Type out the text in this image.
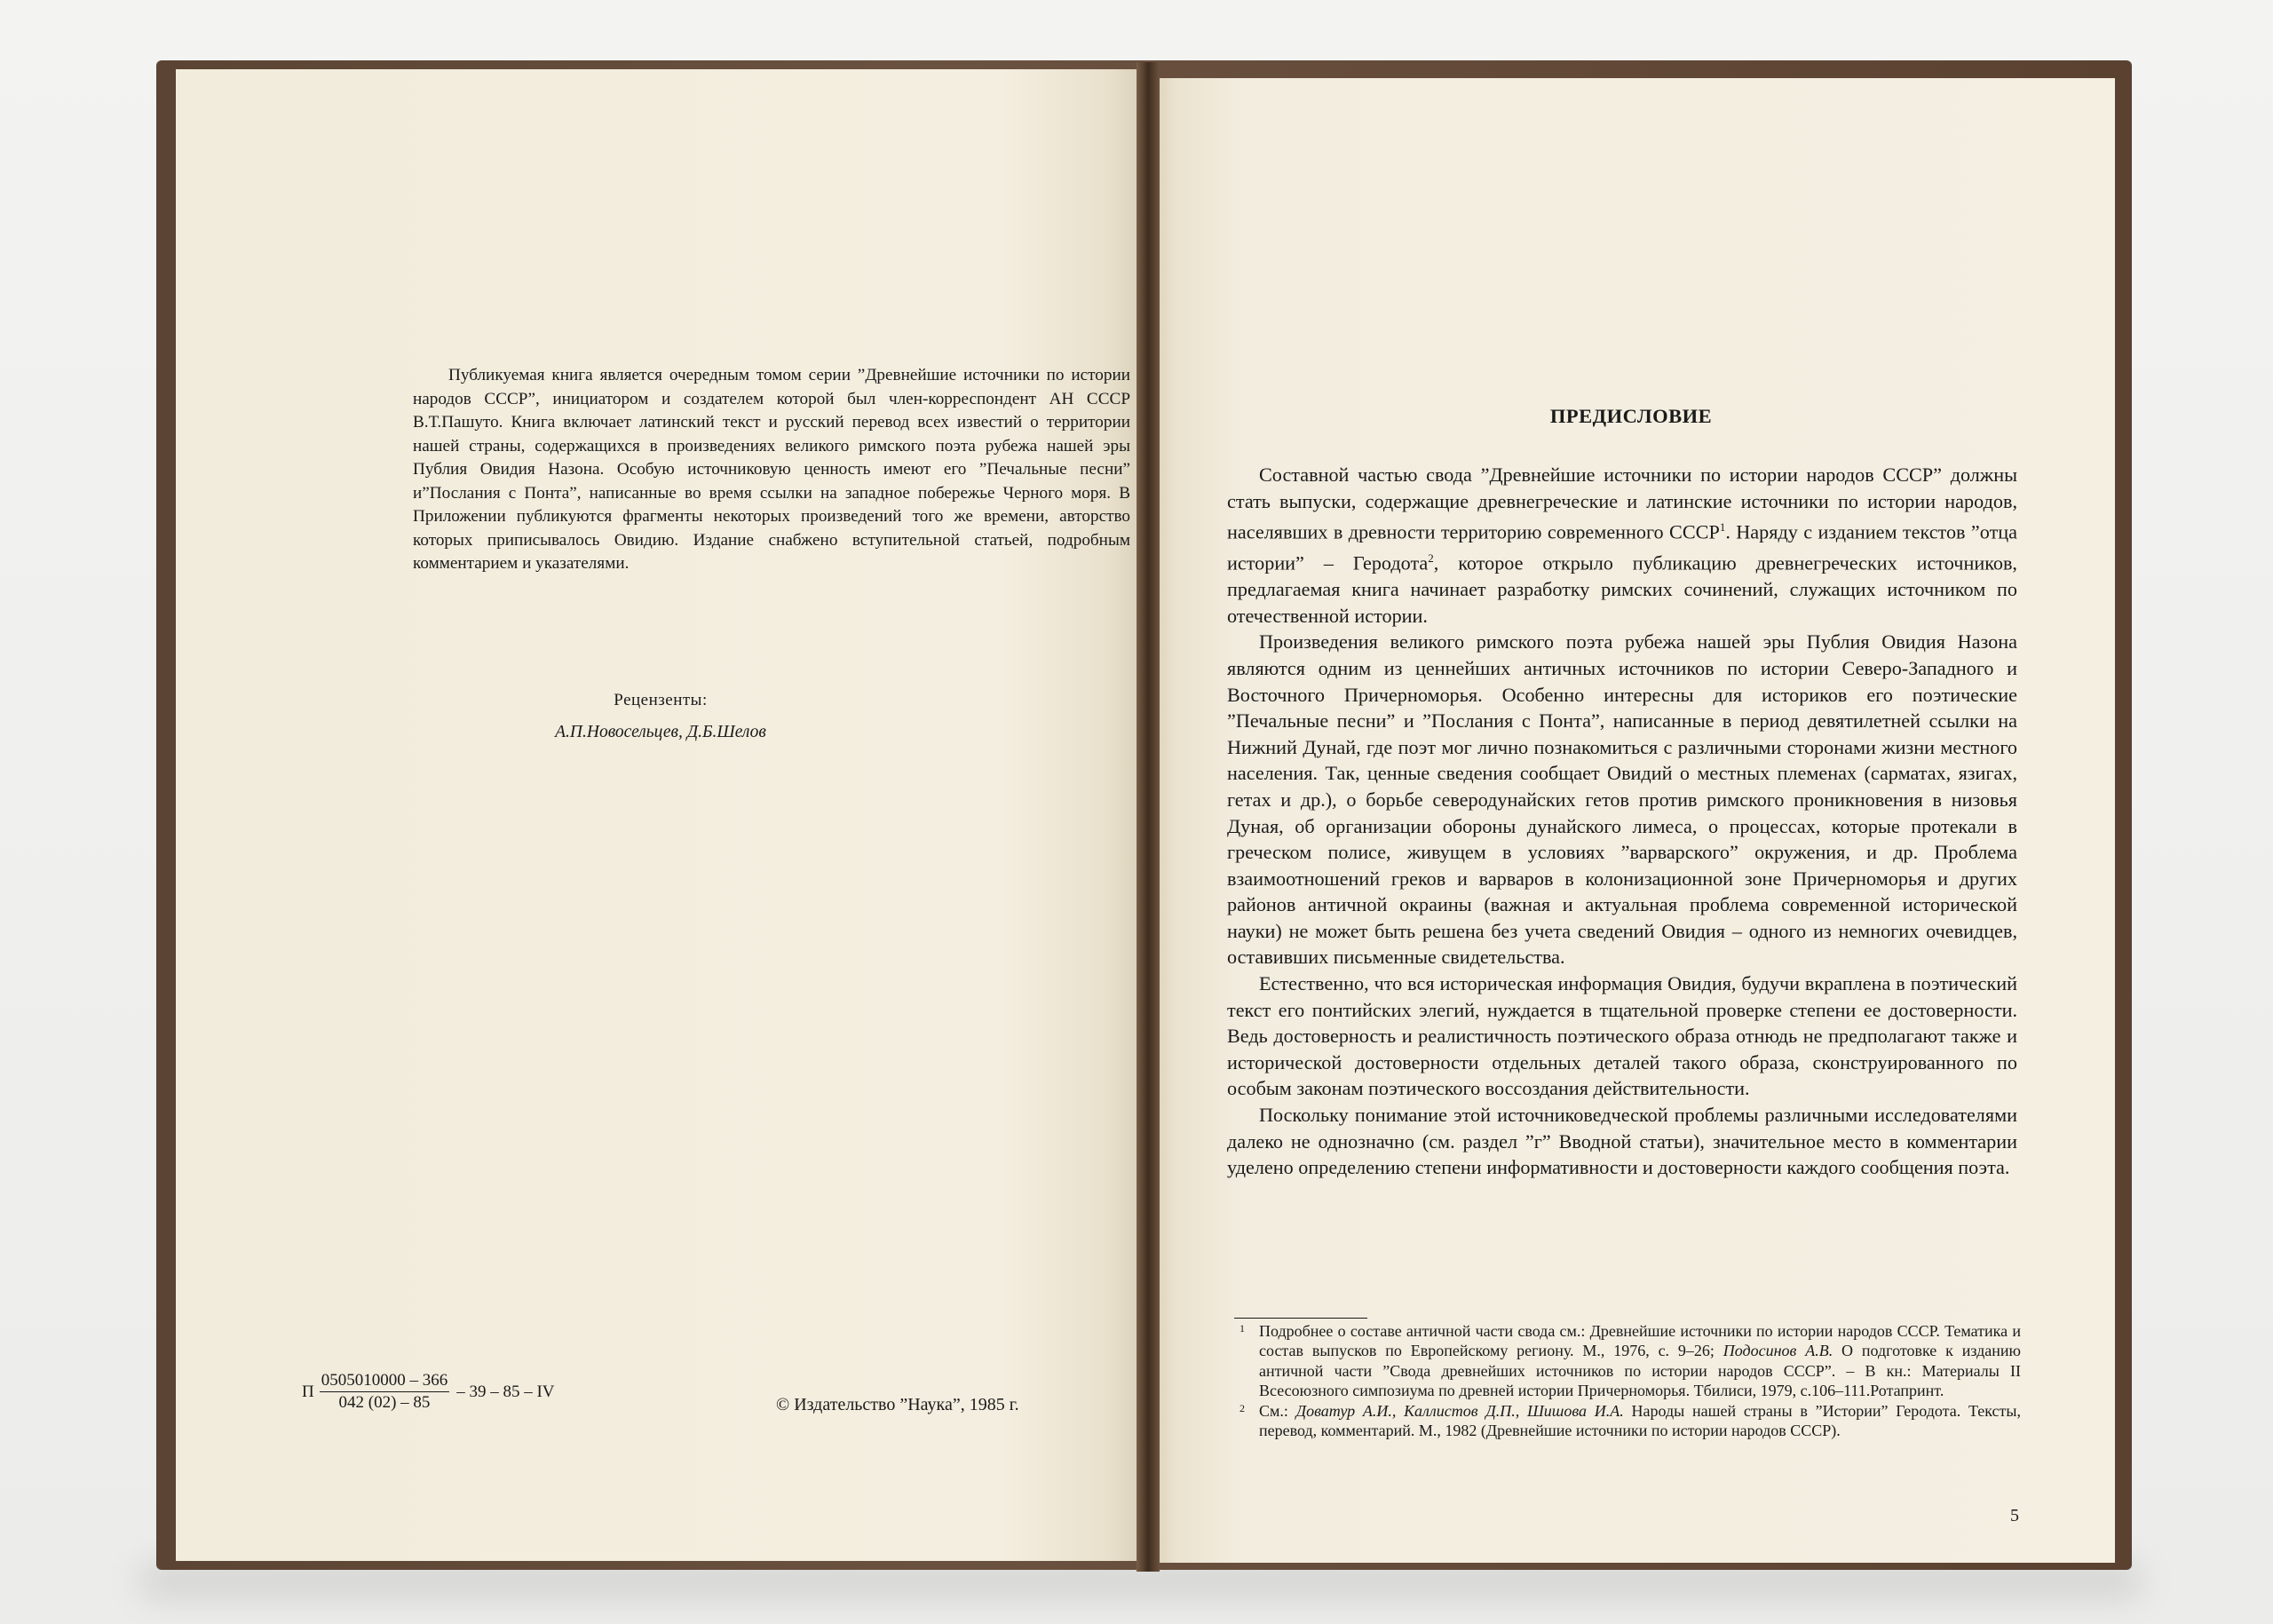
Публикуемая книга является очередным томом серии ”Древнейшие источники по истории народов СССР”, инициатором и создателем которой был член-корреспондент АН СССР В.Т.Пашуто. Книга включает латинский текст и русский перевод всех известий о территории нашей страны, содержащихся в произведениях великого римского поэта рубежа нашей эры Публия Овидия Назона. Особую источниковую ценность имеют его ”Печальные песни” и”Послания с Понта”, написанные во время ссылки на западное побережье Черного моря. В Приложении публикуются фрагменты некоторых произведений того же времени, авторство которых приписывалось Овидию. Издание снабжено вступительной статьей, подробным комментарием и указателями.
Рецензенты:
А.П.Новосельцев, Д.Б.Шелов
П $\frac{0505010000 - 366}{042 (02) - 85} - 39 - 85$ – IV
© Издательство ”Наука”, 1985 г.
ПРЕДИСЛОВИЕ

Составной частью свода ”Древнейшие источники по истории народов СССР” должны стать выпуски, содержащие древнегреческие и латинские источники по истории народов, населявших в древности территорию современного СССР$^1$. Наряду с изданием текстов ”отца истории” – Геродота$^2$, которое открыло публикацию древнегреческих источников, предлагаемая книга начинает разработку римских сочинений, служащих источником по отечественной истории.

Произведения великого римского поэта рубежа нашей эры Публия Овидия Назона являются одним из ценнейших античных источников по истории Северо-Западного и Восточного Причерноморья. Особенно интересны для историков его поэтические ”Печальные песни” и ”Послания с Понта”, написанные в период девятилетней ссылки на Нижний Дунай, где поэт мог лично познакомиться с различными сторонами жизни местного населения. Так, ценные сведения сообщает Овидий о местных племенах (сарматах, язигах, гетах и др.), о борьбе северодунайских гетов против римского проникновения в низовья Дуная, об организации обороны дунайского лимеса, о процессах, которые протекали в греческом полисе, живущем в условиях ”варварского” окружения, и др. Проблема взаимоотношений греков и варваров в колонизационной зоне Причерноморья и других районов античной окраины (важная и актуальная проблема современной исторической науки) не может быть решена без учета сведений Овидия – одного из немногих очевидцев, оставивших письменные свидетельства.

Естественно, что вся историческая информация Овидия, будучи вкраплена в поэтический текст его понтийских элегий, нуждается в тщательной проверке степени ее достоверности. Ведь достоверность и реалистичность поэтического образа отнюдь не предполагают также и исторической достоверности отдельных деталей такого образа, сконструированного по особым законам поэтического воссоздания действительности.

Поскольку понимание этой источниковедческой проблемы различными исследователями далеко не однозначно (см. раздел ”г” Вводной статьи), значительное место в комментарии уделено определению степени информативности и достоверности каждого сообщения поэта.

1 Подробнее о составе античной части свода см.: Древнейшие источники по истории народов СССР. Тематика и состав выпусков по Европейскому региону. М., 1976, с. 9–26; Подосинов А.В. О подготовке к изданию античной части ”Свода древнейших источников по истории народов СССР”. – В кн.: Материалы II Всесоюзного симпозиума по древней истории Причерноморья. Тбилиси, 1979, с.106–111.Ротапринт.

2 См.: Доватур А.И., Каллистов Д.П., Шишова И.А. Народы нашей страны в ”Истории” Геродота. Тексты, перевод, комментарий. М., 1982 (Древнейшие источники по истории народов СССР).

5
